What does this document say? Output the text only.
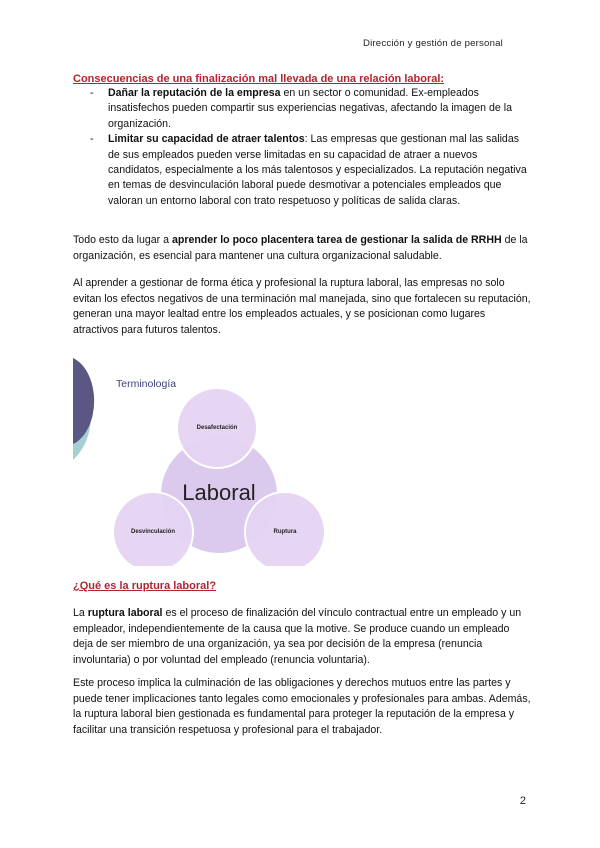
Dirección y gestión de personal
Consecuencias de una finalización mal llevada de una relación laboral:
- Dañar la reputación de la empresa en un sector o comunidad. Ex-empleados insatisfechos pueden compartir sus experiencias negativas, afectando la imagen de la organización.
- Limitar su capacidad de atraer talentos: Las empresas que gestionan mal las salidas de sus empleados pueden verse limitadas en su capacidad de atraer a nuevos candidatos, especialmente a los más talentosos y especializados. La reputación negativa en temas de desvinculación laboral puede desmotivar a potenciales empleados que valoran un entorno laboral con trato respetuoso y políticas de salida claras.
Todo esto da lugar a aprender lo poco placentera tarea de gestionar la salida de RRHH de la organización, es esencial para mantener una cultura organizacional saludable.
Al aprender a gestionar de forma ética y profesional la ruptura laboral, las empresas no solo evitan los efectos negativos de una terminación mal manejada, sino que fortalecen su reputación, generan una mayor lealtad entre los empleados actuales, y se posicionan como lugares atractivos para futuros talentos.
Terminología
Desafectación
Laboral
Desvinculación	Ruptura
¿Qué es la ruptura laboral?
La ruptura laboral es el proceso de finalización del vínculo contractual entre un empleado y un empleador, independientemente de la causa que la motive. Se produce cuando un empleado deja de ser miembro de una organización, ya sea por decisión de la empresa (renuncia involuntaria) o por voluntad del empleado (renuncia voluntaria).
Este proceso implica la culminación de las obligaciones y derechos mutuos entre las partes y puede tener implicaciones tanto legales como emocionales y profesionales para ambas. Además, la ruptura laboral bien gestionada es fundamental para proteger la reputación de la empresa y facilitar una transición respetuosa y profesional para el trabajador.
2
